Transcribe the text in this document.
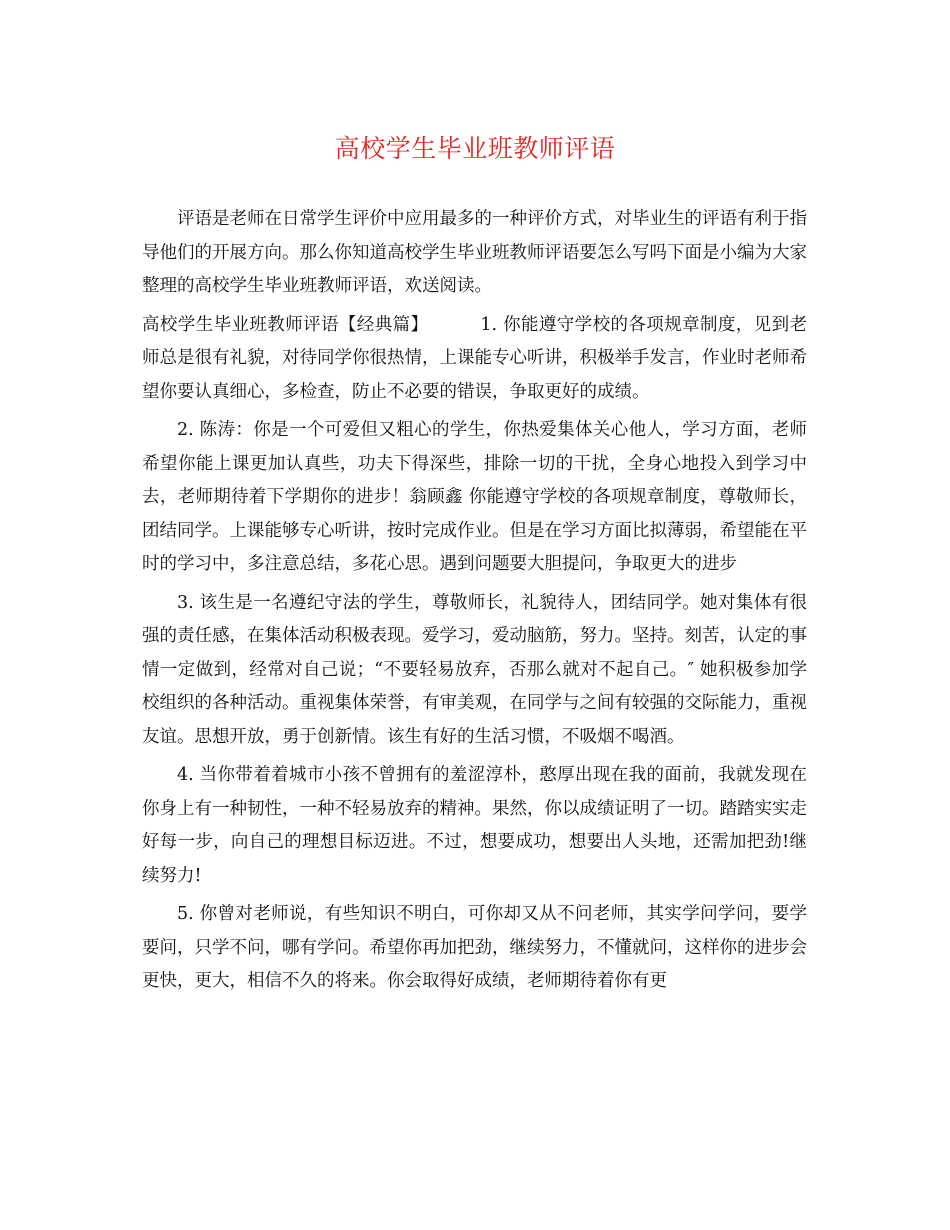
高校学生毕业班教师评语

评语是老师在日常学生评价中应用最多的一种评价方式，对毕业生的评语有利于指导他们的开展方向。那么你知道高校学生毕业班教师评语要怎么写吗下面是小编为大家整理的高校学生毕业班教师评语，欢送阅读。

高校学生毕业班教师评语【经典篇】	1. 你能遵守学校的各项规章制度，见到老师总是很有礼貌，对待同学你很热情，上课能专心听讲，积极举手发言，作业时老师希望你要认真细心，多检查，防止不必要的错误，争取更好的成绩。

2. 陈涛：你是一个可爱但又粗心的学生，你热爱集体关心他人，学习方面，老师希望你能上课更加认真些，功夫下得深些，排除一切的干扰，全身心地投入到学习中去，老师期待着下学期你的进步！翁顾鑫 你能遵守学校的各项规章制度，尊敬师长，团结同学。上课能够专心听讲，按时完成作业。但是在学习方面比拟薄弱，希望能在平时的学习中，多注意总结，多花心思。遇到问题要大胆提问，争取更大的进步

3. 该生是一名遵纪守法的学生，尊敬师长，礼貌待人，团结同学。她对集体有很强的责任感，在集体活动积极表现。爱学习，爱动脑筋，努力。坚持。刻苦，认定的事情一定做到，经常对自己说；“不要轻易放弃，否那么就对不起自己。″ 她积极参加学校组织的各种活动。重视集体荣誉，有审美观，在同学与之间有较强的交际能力，重视友谊。思想开放，勇于创新情。该生有好的生活习惯，不吸烟不喝酒。

4. 当你带着着城市小孩不曾拥有的羞涩淳朴，憨厚出现在我的面前，我就发现在你身上有一种韧性，一种不轻易放弃的精神。果然，你以成绩证明了一切。踏踏实实走好每一步，向自己的理想目标迈进。不过，想要成功，想要出人头地，还需加把劲!继续努力!

5. 你曾对老师说，有些知识不明白，可你却又从不问老师，其实学问学问，要学要问，只学不问，哪有学问。希望你再加把劲，继续努力，不懂就问，这样你的进步会更快，更大，相信不久的将来。你会取得好成绩，老师期待着你有更
